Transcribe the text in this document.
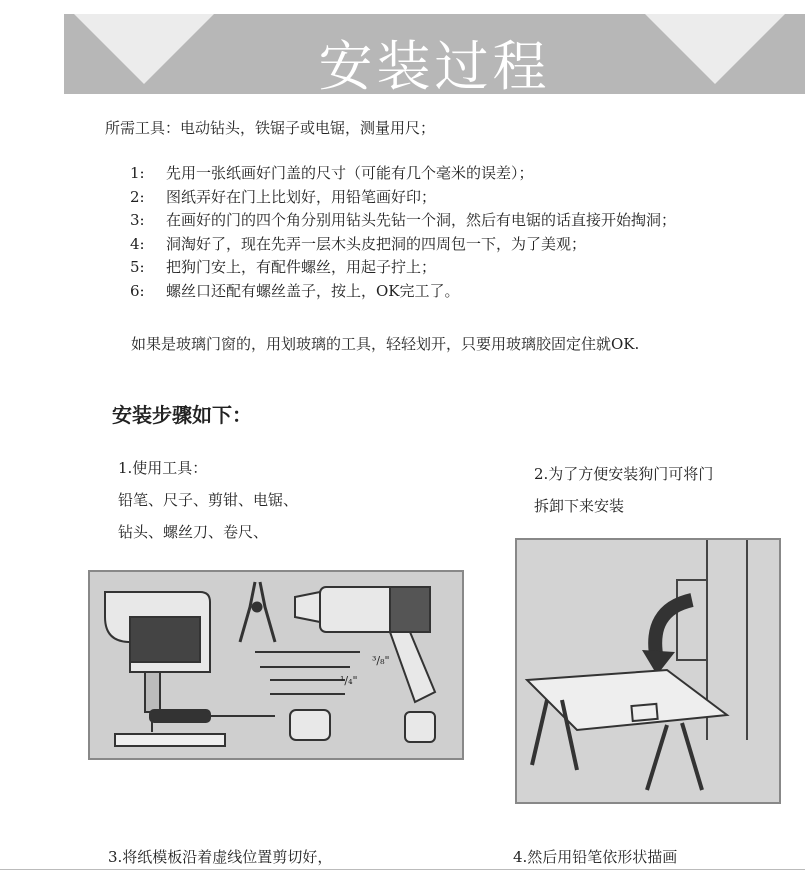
安装过程
所需工具：电动钻头，铁锯子或电锯，测量用尺；
1: 先用一张纸画好门盖的尺寸（可能有几个毫米的误差）；
2: 图纸弄好在门上比划好，用铅笔画好印；
3: 在画好的门的四个角分别用钻头先钻一个洞，然后有电锯的话直接开始掏洞；
4: 洞淘好了，现在先弄一层木头皮把洞的四周包一下，为了美观；
5: 把狗门安上，有配件螺丝，用起子拧上；
6: 螺丝口还配有螺丝盖子，按上，OK完工了。
如果是玻璃门窗的，用划玻璃的工具，轻轻划开，只要用玻璃胶固定住就OK.
安装步骤如下：
1.使用工具：
铅笔、尺子、剪钳、电锯、
钻头、螺丝刀、卷尺、
2.为了方便安装狗门可将门
拆卸下来安装
³/₈"
¹/₄"
3.将纸模板沿着虚线位置剪切好，	4.然后用铅笔依形状描画
